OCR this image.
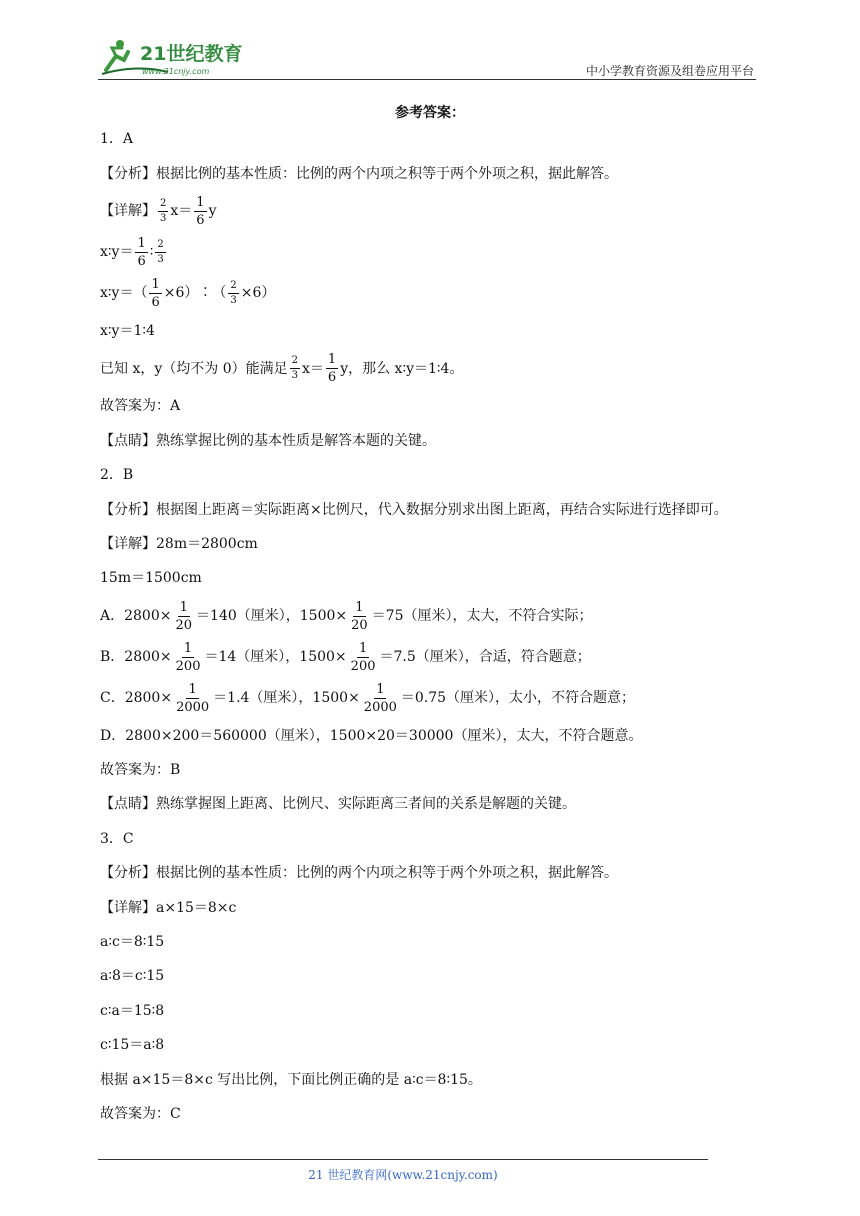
21世纪教育
www.21cnjy.com	中小学教育资源及组卷应用平台
参考答案：
1．A
【分析】根据比例的基本性质：比例的两个内项之积等于两个外项之积，据此解答。
【详解】 $\frac{2}{3} x= \frac{1}{6}$ y
x∶y＝ $\frac{1}{6}$ ∶ $\frac{2}{3}$
x∶y＝（ $\frac{1}{6}$ ×6）∶（ $\frac{2}{3} \times 6$）
x∶y＝1∶4
已知 x，y（均不为 0）能满足 $\frac{2}{3} x= \frac{1}{6}$ y，那么 x∶y＝1∶4。
故答案为：A
【点睛】熟练掌握比例的基本性质是解答本题的关键。
2．B
【分析】根据图上距离＝实际距离×比例尺，代入数据分别求出图上距离，再结合实际进行选择即可。
【详解】28m＝2800cm
15m＝1500cm
A．$2800\times \frac{1}{20} =140$（厘米），$1500\times \frac{1}{20} =75$（厘米），太大，不符合实际；
B．$2800\times \frac{1}{200} =14$（厘米），$1500\times \frac{1}{200} =7.5$（厘米），合适，符合题意；
C．$2800\times \frac{1}{2000} =1.4$（厘米），$1500\times \frac{1}{2000} =0.75$（厘米），太小，不符合题意；
D．2800×200＝560000（厘米），1500×20＝30000（厘米），太大，不符合题意。
故答案为：B
【点睛】熟练掌握图上距离、比例尺、实际距离三者间的关系是解题的关键。
3．C
【分析】根据比例的基本性质：比例的两个内项之积等于两个外项之积，据此解答。
【详解】a×15＝8×c
a∶c＝8∶15
a∶8＝c∶15
c∶a＝15∶8
c∶15＝a∶8
根据 a×15＝8×c 写出比例，下面比例正确的是 a∶c＝8∶15。
故答案为：C
21 世纪教育网(www.21cnjy.com)
